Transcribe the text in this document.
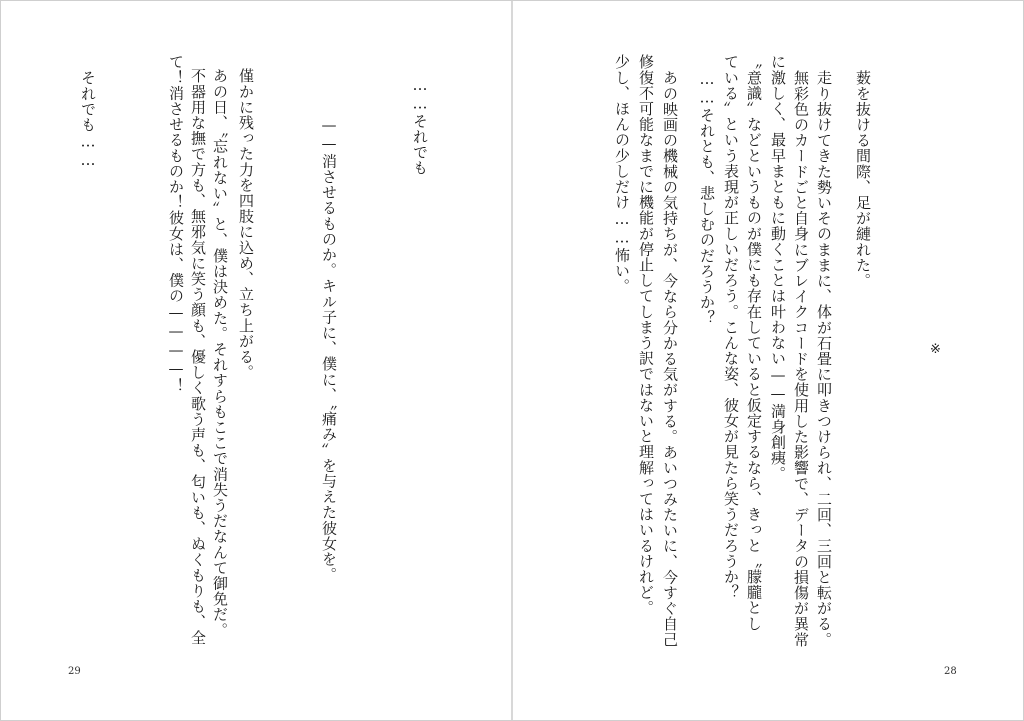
……それでも
——消させるものか。キル子に、僕に、〝痛み〟を与えた彼女を。
僅かに残った力を四肢に込め、立ち上がる。
あの日、〝忘れない〟と、僕は決めた。それすらもここで消失うだなんて御免だ。
不器用な撫で方も、無邪気に笑う顔も、優しく歌う声も、匂いも、ぬくもりも、全
て！消させるものか！彼女は、僕の————！
それでも……
29
薮を抜ける間際、足が縺れた。
走り抜けてきた勢いそのままに、体が石畳に叩きつけられ、二回、三回と転がる。
無彩色のカードごと自身にブレイクコードを使用した影響で、データの損傷が異常
に激しく、最早まともに動くことは叶わない——満身創痍。
〝意識〟などというものが僕にも存在していると仮定するなら、きっと〝朦朧とし
ている〟という表現が正しいだろう。こんな姿、彼女が見たら笑うだろうか？
……それとも、悲しむのだろうか？
あの映画の機械の気持ちが、今なら分かる気がする。あいつみたいに、今すぐ自己
修復不可能なまでに機能が停止してしまう訳ではないと理解ってはいるけれど。
少し、ほんの少しだけ……怖い。
※
28
